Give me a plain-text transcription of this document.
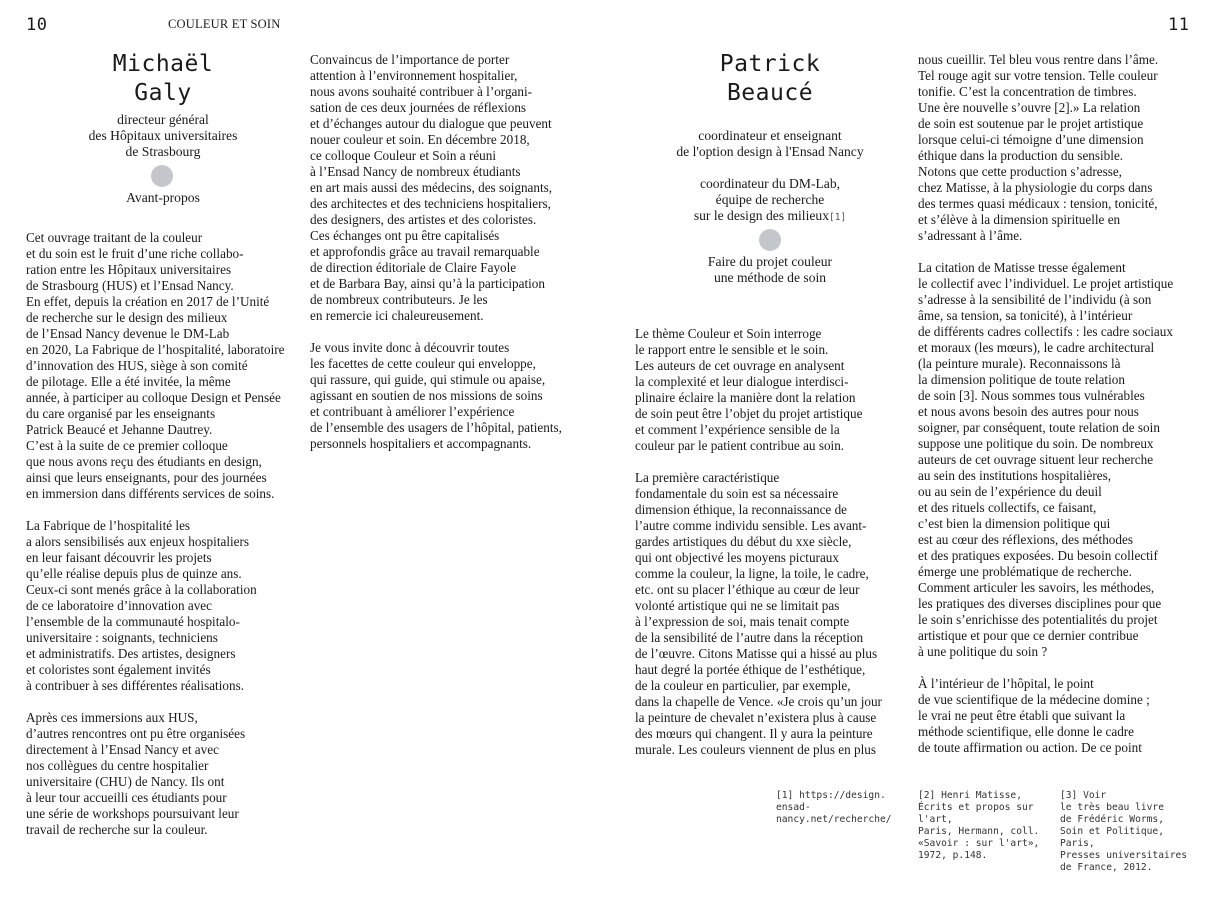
10	COULEUR ET SOIN
Michaël
Galy
directeur général
des Hôpitaux universitaires
de Strasbourg
Avant-propos

Cet ouvrage traitant de la couleur
et du soin est le fruit d’une riche collabo-
ration entre les Hôpitaux universitaires
de Strasbourg (HUS) et l’Ensad Nancy.
En effet, depuis la création en 2017 de l’Unité
de recherche sur le design des milieux
de l’Ensad Nancy devenue le DM-Lab
en 2020, La Fabrique de l’hospitalité, laboratoire
d’innovation des HUS, siège à son comité
de pilotage. Elle a été invitée, la même
année, à participer au colloque Design et Pensée
du care organisé par les enseignants
Patrick Beaucé et Jehanne Dautrey.
C’est à la suite de ce premier colloque
que nous avons reçu des étudiants en design,
ainsi que leurs enseignants, pour des journées
en immersion dans différents services de soins.

La Fabrique de l’hospitalité les
a alors sensibilisés aux enjeux hospitaliers
en leur faisant découvrir les projets
qu’elle réalise depuis plus de quinze ans.
Ceux-ci sont menés grâce à la collaboration
de ce laboratoire d’innovation avec
l’ensemble de la communauté hospitalo-
universitaire : soignants, techniciens
et administratifs. Des artistes, designers
et coloristes sont également invités
à contribuer à ses différentes réalisations.

Après ces immersions aux HUS,
d’autres rencontres ont pu être organisées
directement à l’Ensad Nancy et avec
nos collègues du centre hospitalier
universitaire (CHU) de Nancy. Ils ont
à leur tour accueilli ces étudiants pour
une série de workshops poursuivant leur
travail de recherche sur la couleur.

Convaincus de l’importance de porter
attention à l’environnement hospitalier,
nous avons souhaité contribuer à l’organi-
sation de ces deux journées de réflexions
et d’échanges autour du dialogue que peuvent
nouer couleur et soin. En décembre 2018,
ce colloque Couleur et Soin a réuni
à l’Ensad Nancy de nombreux étudiants
en art mais aussi des médecins, des soignants,
des architectes et des techniciens hospitaliers,
des designers, des artistes et des coloristes.
Ces échanges ont pu être capitalisés
et approfondis grâce au travail remarquable
de direction éditoriale de Claire Fayole
et de Barbara Bay, ainsi qu’à la participation
de nombreux contributeurs. Je les
en remercie ici chaleureusement.

Je vous invite donc à découvrir toutes
les facettes de cette couleur qui enveloppe,
qui rassure, qui guide, qui stimule ou apaise,
agissant en soutien de nos missions de soins
et contribuant à améliorer l’expérience
de l’ensemble des usagers de l’hôpital, patients,
personnels hospitaliers et accompagnants.

11
Patrick
Beaucé
coordinateur et enseignant
de l'option design à l'Ensad Nancy
coordinateur du DM-Lab,
équipe de recherche
sur le design des milieux[1]
Faire du projet couleur
une méthode de soin

Le thème Couleur et Soin interroge
le rapport entre le sensible et le soin.
Les auteurs de cet ouvrage en analysent
la complexité et leur dialogue interdisci-
plinaire éclaire la manière dont la relation
de soin peut être l’objet du projet artistique
et comment l’expérience sensible de la
couleur par le patient contribue au soin.

La première caractéristique
fondamentale du soin est sa nécessaire
dimension éthique, la reconnaissance de
l’autre comme individu sensible. Les avant-
gardes artistiques du début du xxe siècle,
qui ont objectivé les moyens picturaux
comme la couleur, la ligne, la toile, le cadre,
etc. ont su placer l’éthique au cœur de leur
volonté artistique qui ne se limitait pas
à l’expression de soi, mais tenait compte
de la sensibilité de l’autre dans la réception
de l’œuvre. Citons Matisse qui a hissé au plus
haut degré la portée éthique de l’esthétique,
de la couleur en particulier, par exemple,
dans la chapelle de Vence. «Je crois qu’un jour
la peinture de chevalet n’existera plus à cause
des mœurs qui changent. Il y aura la peinture
murale. Les couleurs viennent de plus en plus

nous cueillir. Tel bleu vous rentre dans l’âme.
Tel rouge agit sur votre tension. Telle couleur
tonifie. C’est la concentration de timbres.
Une ère nouvelle s’ouvre [2].» La relation
de soin est soutenue par le projet artistique
lorsque celui-ci témoigne d’une dimension
éthique dans la production du sensible.
Notons que cette production s’adresse,
chez Matisse, à la physiologie du corps dans
des termes quasi médicaux : tension, tonicité,
et s’élève à la dimension spirituelle en
s’adressant à l’âme.

La citation de Matisse tresse également
le collectif avec l’individuel. Le projet artistique
s’adresse à la sensibilité de l’individu (à son
âme, sa tension, sa tonicité), à l’intérieur
de différents cadres collectifs : les cadre sociaux
et moraux (les mœurs), le cadre architectural
(la peinture murale). Reconnaissons là
la dimension politique de toute relation
de soin [3]. Nous sommes tous vulnérables
et nous avons besoin des autres pour nous
soigner, par conséquent, toute relation de soin
suppose une politique du soin. De nombreux
auteurs de cet ouvrage situent leur recherche
au sein des institutions hospitalières,
ou au sein de l’expérience du deuil
et des rituels collectifs, ce faisant,
c’est bien la dimension politique qui
est au cœur des réflexions, des méthodes
et des pratiques exposées. Du besoin collectif
émerge une problématique de recherche.
Comment articuler les savoirs, les méthodes,
les pratiques des diverses disciplines pour que
le soin s’enrichisse des potentialités du projet
artistique et pour que ce dernier contribue
à une politique du soin ?

À l’intérieur de l’hôpital, le point
de vue scientifique de la médecine domine ;
le vrai ne peut être établi que suivant la
méthode scientifique, elle donne le cadre
de toute affirmation ou action. De ce point

[1] https://design.
ensad-nancy.net/recherche/
[2] Henri Matisse,
Écrits et propos sur l'art,
Paris, Hermann, coll.
«Savoir : sur l'art»,
1972, p.148.
[3] Voir
le très beau livre
de Frédéric Worms,
Soin et Politique, Paris,
Presses universitaires
de France, 2012.
